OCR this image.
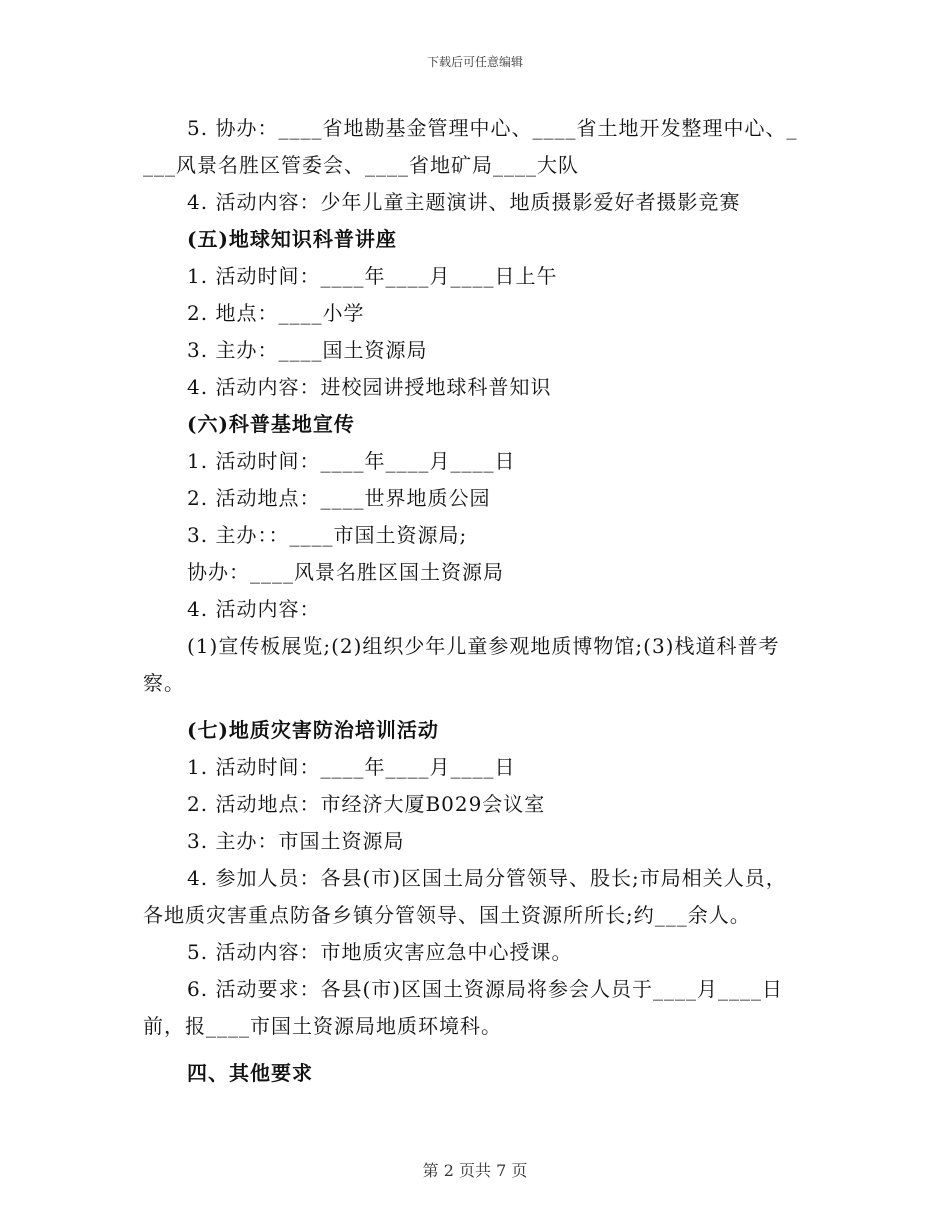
下载后可任意编辑
5. 协办：____省地勘基金管理中心、____省土地开发整理中心、_
___风景名胜区管委会、____省地矿局____大队
4. 活动内容：少年儿童主题演讲、地质摄影爱好者摄影竞赛
(五)地球知识科普讲座
1. 活动时间：____年____月____日上午
2. 地点：____小学
3. 主办：____国土资源局
4. 活动内容：进校园讲授地球科普知识
(六)科普基地宣传
1. 活动时间：____年____月____日
2. 活动地点：____世界地质公园
3. 主办：：____市国土资源局;
协办：____风景名胜区国土资源局
4. 活动内容：
(1)宣传板展览;(2)组织少年儿童参观地质博物馆;(3)栈道科普考
察。
(七)地质灾害防治培训活动
1. 活动时间：____年____月____日
2. 活动地点：市经济大厦B029会议室
3. 主办：市国土资源局
4. 参加人员：各县(市)区国土局分管领导、股长;市局相关人员，
各地质灾害重点防备乡镇分管领导、国土资源所所长;约___余人。
5. 活动内容：市地质灾害应急中心授课。
6. 活动要求：各县(市)区国土资源局将参会人员于____月____日
前，报____市国土资源局地质环境科。
四、其他要求
第 2 页共 7 页
